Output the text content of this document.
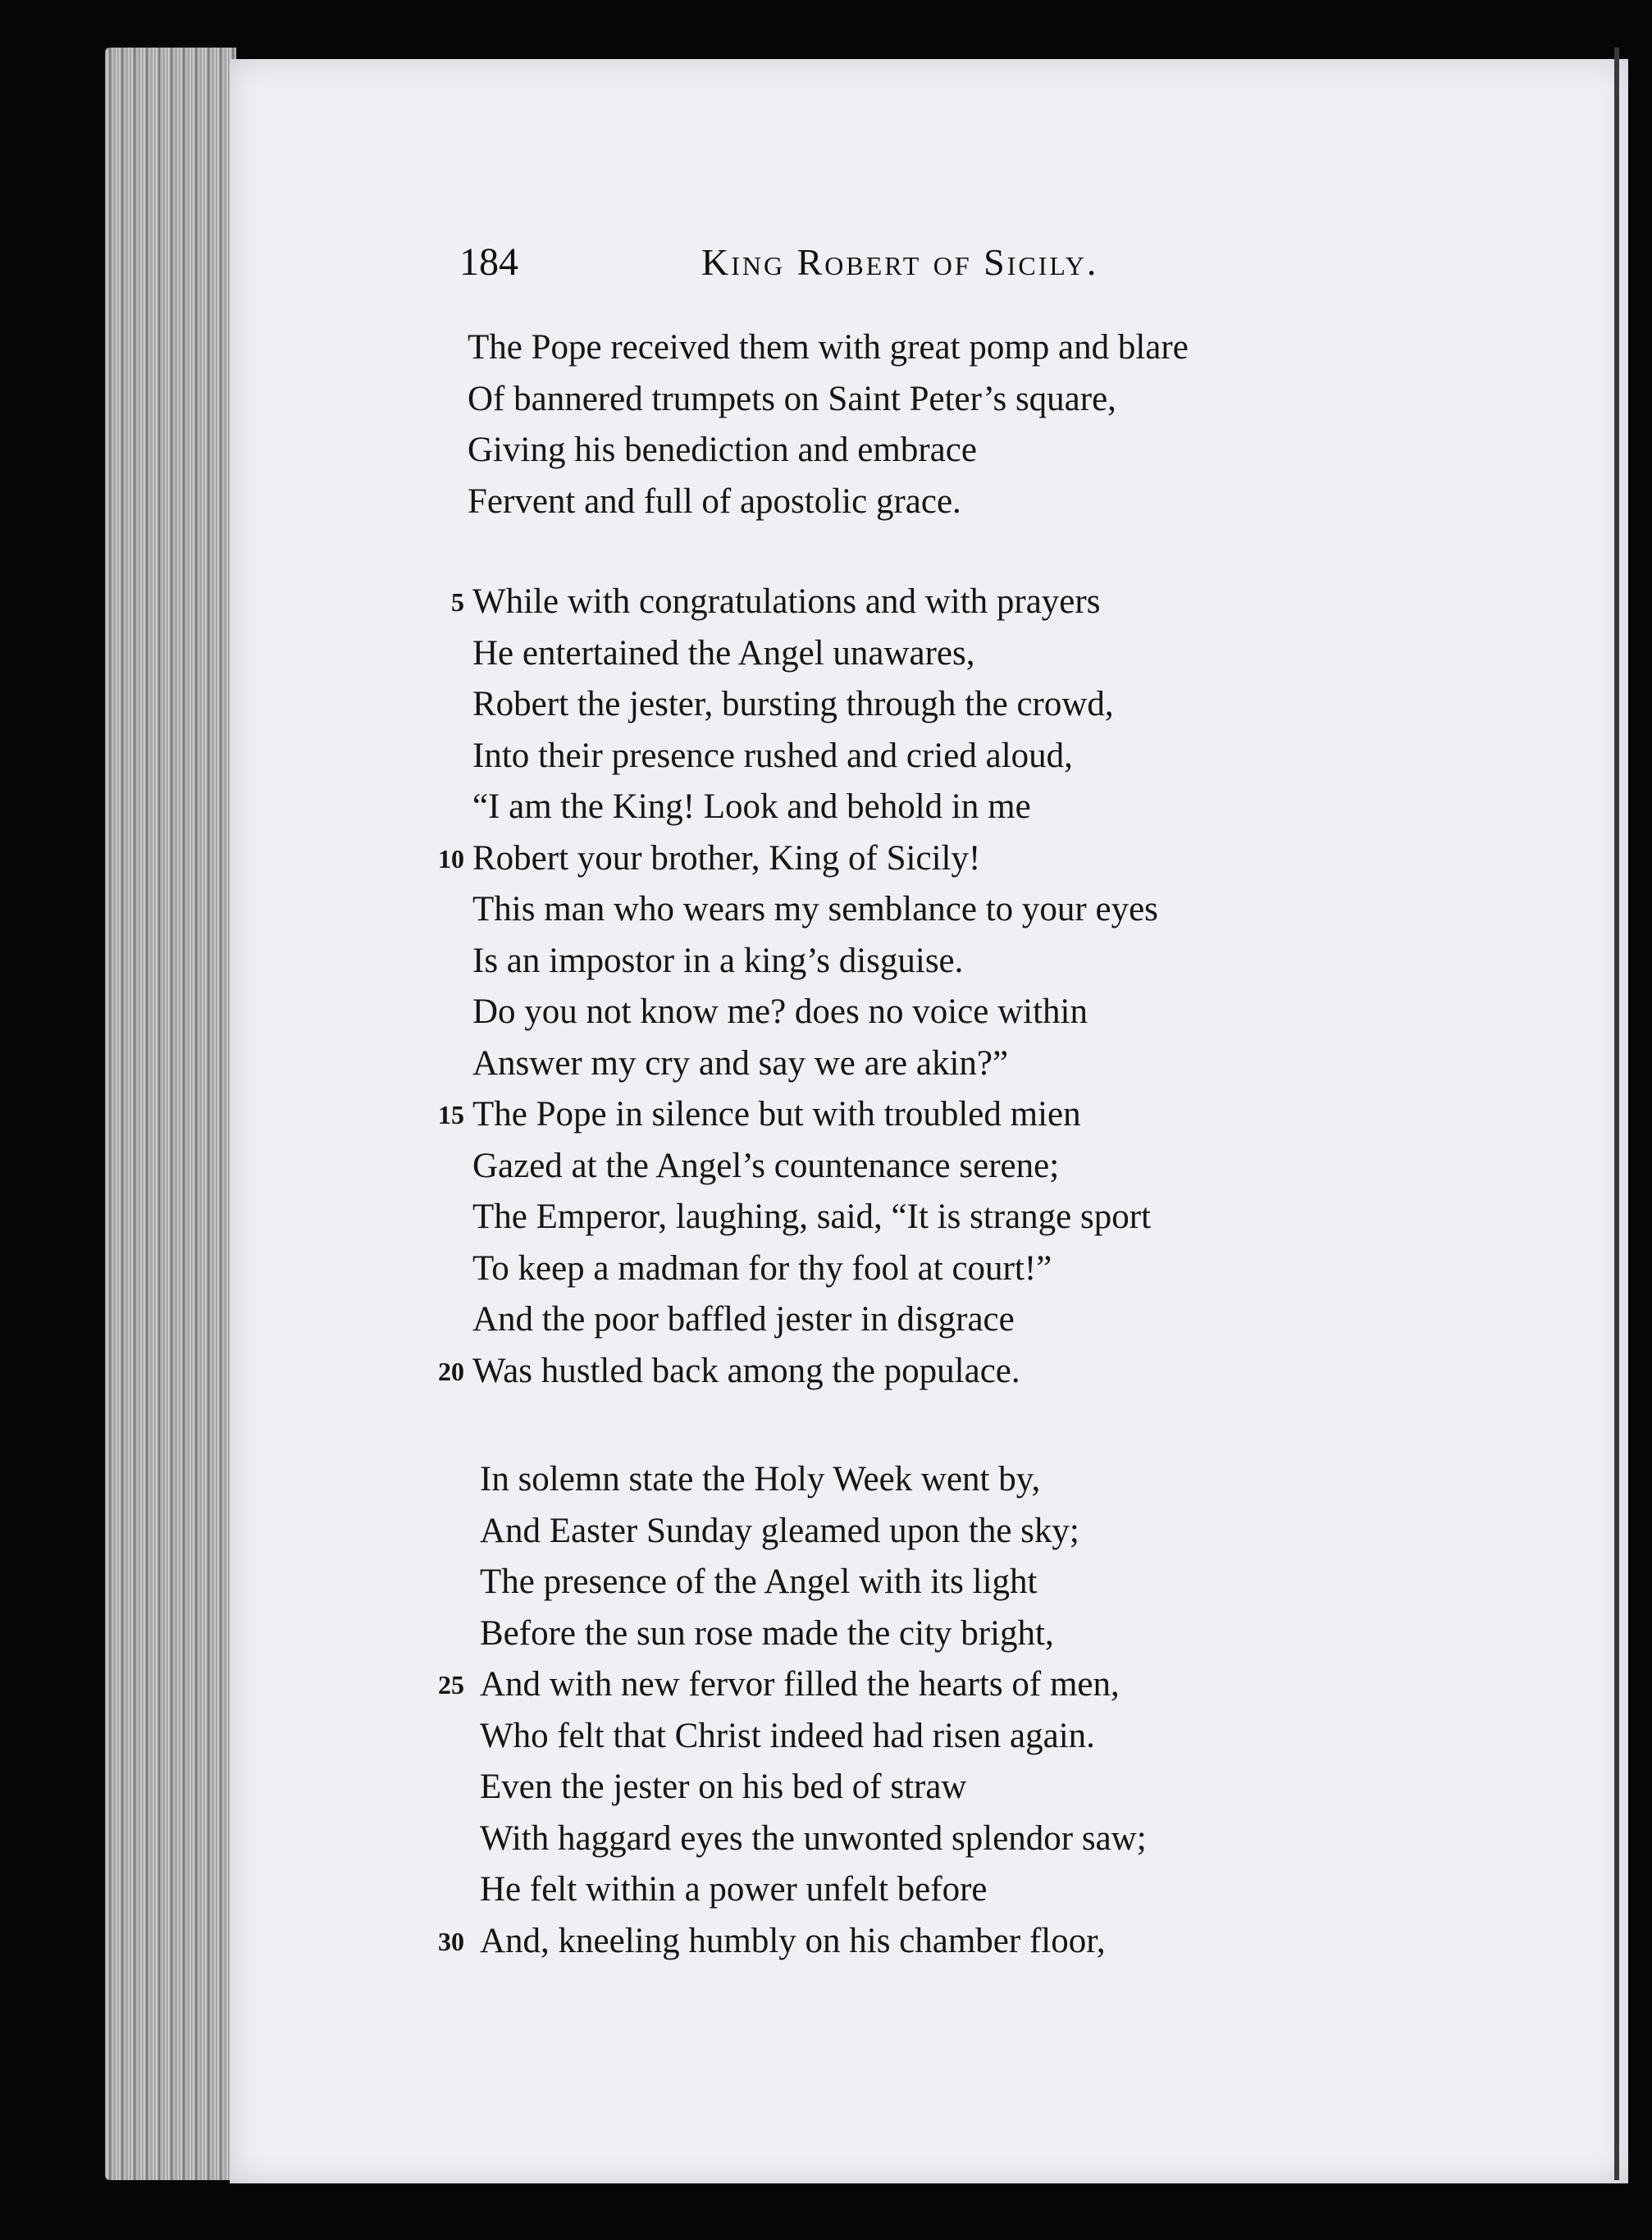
184	King Robert of Sicily.
The Pope received them with great pomp and blare
Of bannered trumpets on Saint Peter’s square,
Giving his benediction and embrace
Fervent and full of apostolic grace.
5 While with congratulations and with prayers
He entertained the Angel unawares,
Robert the jester, bursting through the crowd,
Into their presence rushed and cried aloud,
“I am the King! Look and behold in me
10 Robert your brother, King of Sicily!
This man who wears my semblance to your eyes
Is an impostor in a king’s disguise.
Do you not know me? does no voice within
Answer my cry and say we are akin?”
15 The Pope in silence but with troubled mien
Gazed at the Angel’s countenance serene;
The Emperor, laughing, said, “It is strange sport
To keep a madman for thy fool at court!”
And the poor baffled jester in disgrace
20 Was hustled back among the populace.
In solemn state the Holy Week went by,
And Easter Sunday gleamed upon the sky;
The presence of the Angel with its light
Before the sun rose made the city bright,
25 And with new fervor filled the hearts of men,
Who felt that Christ indeed had risen again.
Even the jester on his bed of straw
With haggard eyes the unwonted splendor saw;
He felt within a power unfelt before
30 And, kneeling humbly on his chamber floor,
